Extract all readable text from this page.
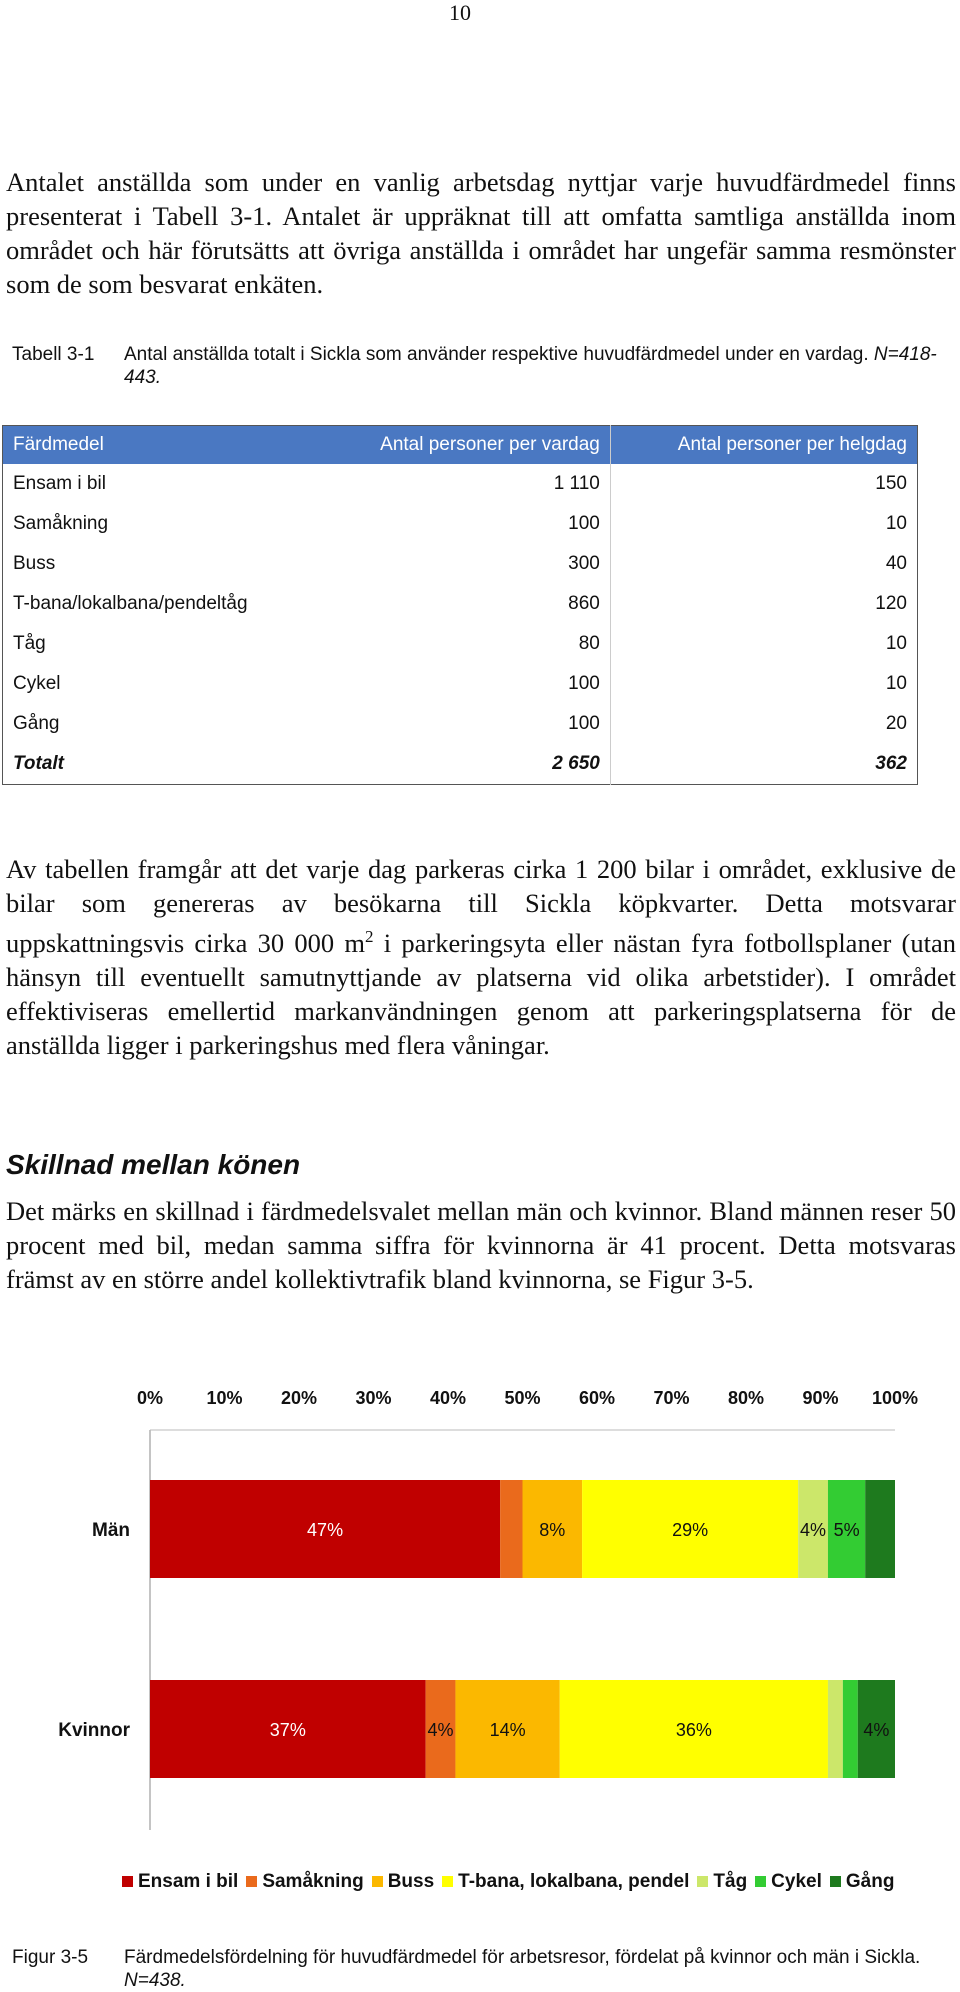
10

Antalet anställda som under en vanlig arbetsdag nyttjar varje huvudfärdmedel finns presenterat i Tabell 3-1. Antalet är uppräknat till att omfatta samtliga anställda inom området och här förutsätts att övriga anställda i området har ungefär samma resmönster som de som besvarat enkäten.

Tabell 3-1 Antal anställda totalt i Sickla som använder respektive huvudfärdmedel under en vardag. N=418-443.
Färdmedel	Antal personer per vardag	Antal personer per helgdag
Ensam i bil	1 110	150
Samåkning	100	10
Buss	300	40
T-bana/lokalbana/pendeltåg	860	120
Tåg	80	10
Cykel	100	10
Gång	100	20
Totalt	2 650	362

Av tabellen framgår att det varje dag parkeras cirka 1 200 bilar i området, exklusive de bilar som genereras av besökarna till Sickla köpkvarter. Detta motsvarar uppskattningsvis cirka 30 000 $m^2$ i parkeringsyta eller nästan fyra fotbollsplaner (utan hänsyn till eventuellt samutnyttjande av platserna vid olika arbetstider). I området effektiviseras emellertid markanvändningen genom att parkeringsplatserna för de anställda ligger i parkeringshus med flera våningar.

Skillnad mellan könen

Det märks en skillnad i färdmedelsvalet mellan män och kvinnor. Bland männen reser 50 procent med bil, medan samma siffra för kvinnorna är 41 procent. Detta motsvaras främst av en större andel kollektivtrafik bland kvinnorna, se Figur 3-5.

0% 10% 20% 30% 40% 50% 60% 70% 80% 90% 100%
Män	47%	8%	29%	4% 5%
Kvinnor	37%	4% 14%	36%	4%
Ensam i bil Samåkning Buss T-bana, lokalbana, pendel Tåg Cykel Gång
Figur 3-5 Färdmedelsfördelning för huvudfärdmedel för arbetsresor, fördelat på kvinnor och män i Sickla. N=438.
